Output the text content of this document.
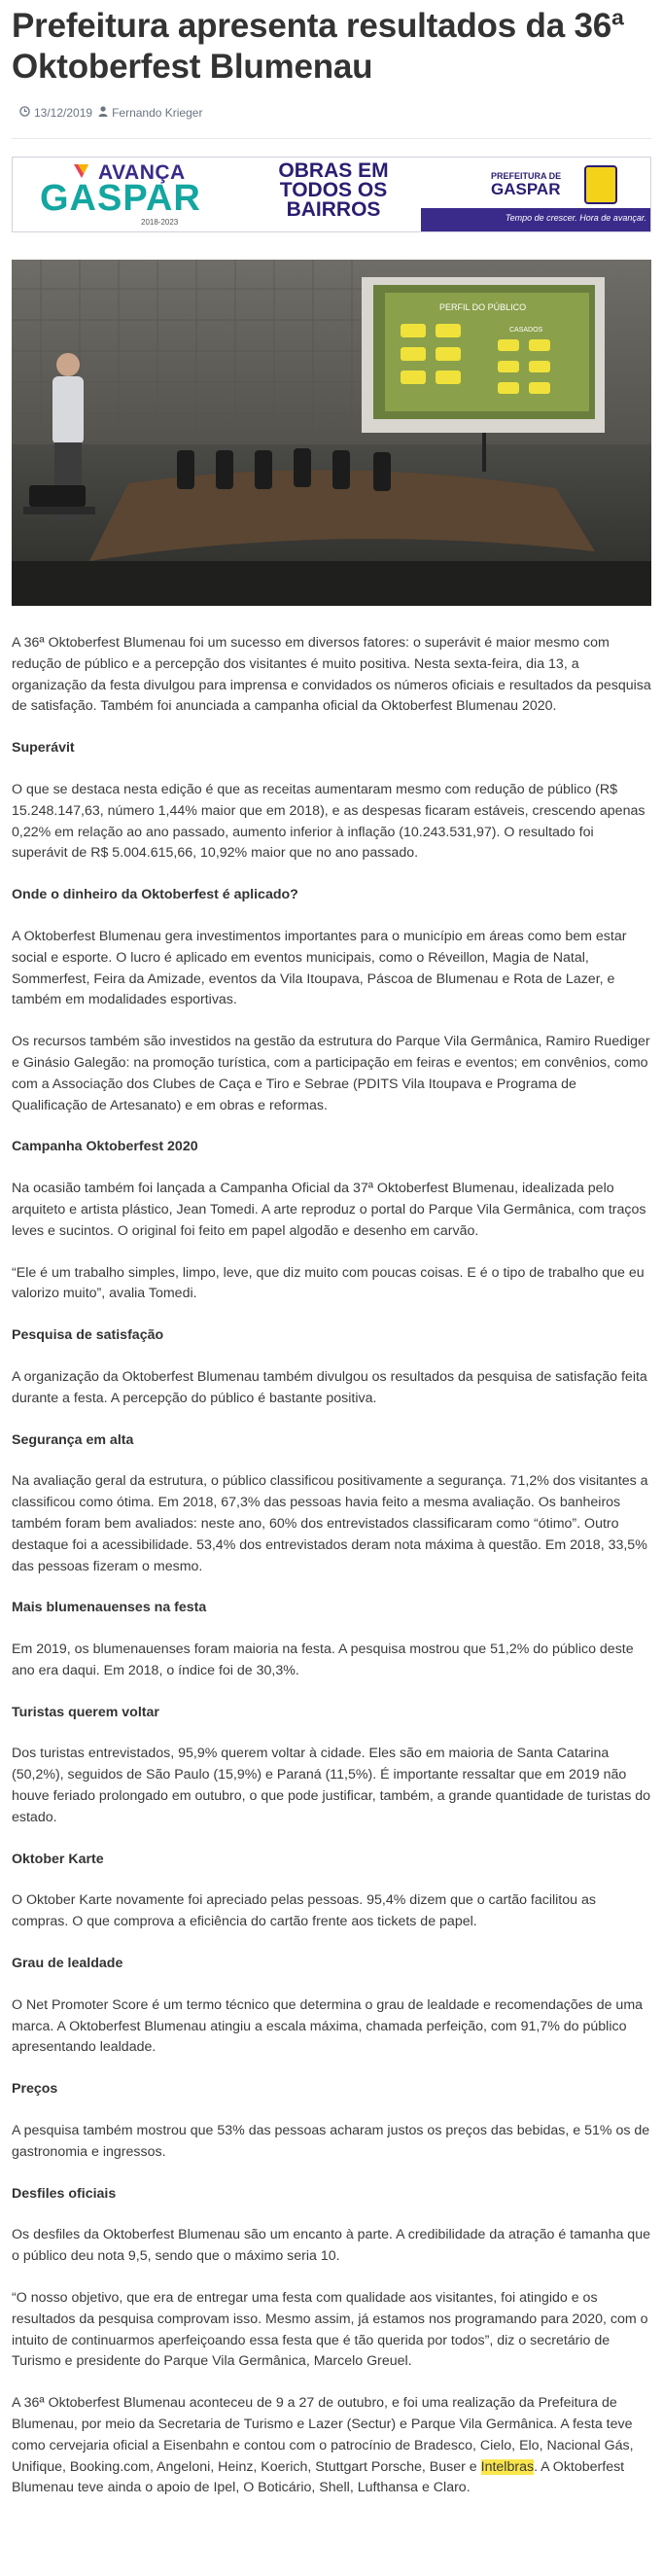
Prefeitura apresenta resultados da 36ª Oktoberfest Blumenau
13/12/2019 Fernando Krieger
AVANÇA
GASPAR
2018-2023
OBRAS EM
TODOS OS
BAIRROS
PREFEITURA DE
GASPAR
Tempo de crescer. Hora de avançar.
PERFIL DO PÚBLICO
CASADOS

A 36ª Oktoberfest Blumenau foi um sucesso em diversos fatores: o superávit é maior mesmo com redução de público e a percepção dos visitantes é muito positiva. Nesta sexta-feira, dia 13, a organização da festa divulgou para imprensa e convidados os números oficiais e resultados da pesquisa de satisfação. Também foi anunciada a campanha oficial da Oktoberfest Blumenau 2020.

Superávit

O que se destaca nesta edição é que as receitas aumentaram mesmo com redução de público (R$ 15.248.147,63, número 1,44% maior que em 2018), e as despesas ficaram estáveis, crescendo apenas 0,22% em relação ao ano passado, aumento inferior à inflação (10.243.531,97). O resultado foi superávit de R$ 5.004.615,66, 10,92% maior que no ano passado.

Onde o dinheiro da Oktoberfest é aplicado?

A Oktoberfest Blumenau gera investimentos importantes para o município em áreas como bem estar social e esporte. O lucro é aplicado em eventos municipais, como o Réveillon, Magia de Natal, Sommerfest, Feira da Amizade, eventos da Vila Itoupava, Páscoa de Blumenau e Rota de Lazer, e também em modalidades esportivas.

Os recursos também são investidos na gestão da estrutura do Parque Vila Germânica, Ramiro Ruediger e Ginásio Galegão: na promoção turística, com a participação em feiras e eventos; em convênios, como com a Associação dos Clubes de Caça e Tiro e Sebrae (PDITS Vila Itoupava e Programa de Qualificação de Artesanato) e em obras e reformas.

Campanha Oktoberfest 2020

Na ocasião também foi lançada a Campanha Oficial da 37ª Oktoberfest Blumenau, idealizada pelo arquiteto e artista plástico, Jean Tomedi. A arte reproduz o portal do Parque Vila Germânica, com traços leves e sucintos. O original foi feito em papel algodão e desenho em carvão.

“Ele é um trabalho simples, limpo, leve, que diz muito com poucas coisas. E é o tipo de trabalho que eu valorizo muito”, avalia Tomedi.

Pesquisa de satisfação

A organização da Oktoberfest Blumenau também divulgou os resultados da pesquisa de satisfação feita durante a festa. A percepção do público é bastante positiva.

Segurança em alta

Na avaliação geral da estrutura, o público classificou positivamente a segurança. 71,2% dos visitantes a classificou como ótima. Em 2018, 67,3% das pessoas havia feito a mesma avaliação. Os banheiros também foram bem avaliados: neste ano, 60% dos entrevistados classificaram como “ótimo”. Outro destaque foi a acessibilidade. 53,4% dos entrevistados deram nota máxima à questão. Em 2018, 33,5% das pessoas fizeram o mesmo.

Mais blumenauenses na festa

Em 2019, os blumenauenses foram maioria na festa. A pesquisa mostrou que 51,2% do público deste ano era daqui. Em 2018, o índice foi de 30,3%.

Turistas querem voltar

Dos turistas entrevistados, 95,9% querem voltar à cidade. Eles são em maioria de Santa Catarina (50,2%), seguidos de São Paulo (15,9%) e Paraná (11,5%). É importante ressaltar que em 2019 não houve feriado prolongado em outubro, o que pode justificar, também, a grande quantidade de turistas do estado.

Oktober Karte

O Oktober Karte novamente foi apreciado pelas pessoas. 95,4% dizem que o cartão facilitou as compras. O que comprova a eficiência do cartão frente aos tickets de papel.

Grau de lealdade

O Net Promoter Score é um termo técnico que determina o grau de lealdade e recomendações de uma marca. A Oktoberfest Blumenau atingiu a escala máxima, chamada perfeição, com 91,7% do público apresentando lealdade.

Preços

A pesquisa também mostrou que 53% das pessoas acharam justos os preços das bebidas, e 51% os de gastronomia e ingressos.

Desfiles oficiais

Os desfiles da Oktoberfest Blumenau são um encanto à parte. A credibilidade da atração é tamanha que o público deu nota 9,5, sendo que o máximo seria 10.

“O nosso objetivo, que era de entregar uma festa com qualidade aos visitantes, foi atingido e os resultados da pesquisa comprovam isso. Mesmo assim, já estamos nos programando para 2020, com o intuito de continuarmos aperfeiçoando essa festa que é tão querida por todos”, diz o secretário de Turismo e presidente do Parque Vila Germânica, Marcelo Greuel.

A 36ª Oktoberfest Blumenau aconteceu de 9 a 27 de outubro, e foi uma realização da Prefeitura de Blumenau, por meio da Secretaria de Turismo e Lazer (Sectur) e Parque Vila Germânica. A festa teve como cervejaria oficial a Eisenbahn e contou com o patrocínio de Bradesco, Cielo, Elo, Nacional Gás, Unifique, Booking.com, Angeloni, Heinz, Koerich, Stuttgart Porsche, Buser e Intelbras. A Oktoberfest Blumenau teve ainda o apoio de Ipel, O Boticário, Shell, Lufthansa e Claro.
